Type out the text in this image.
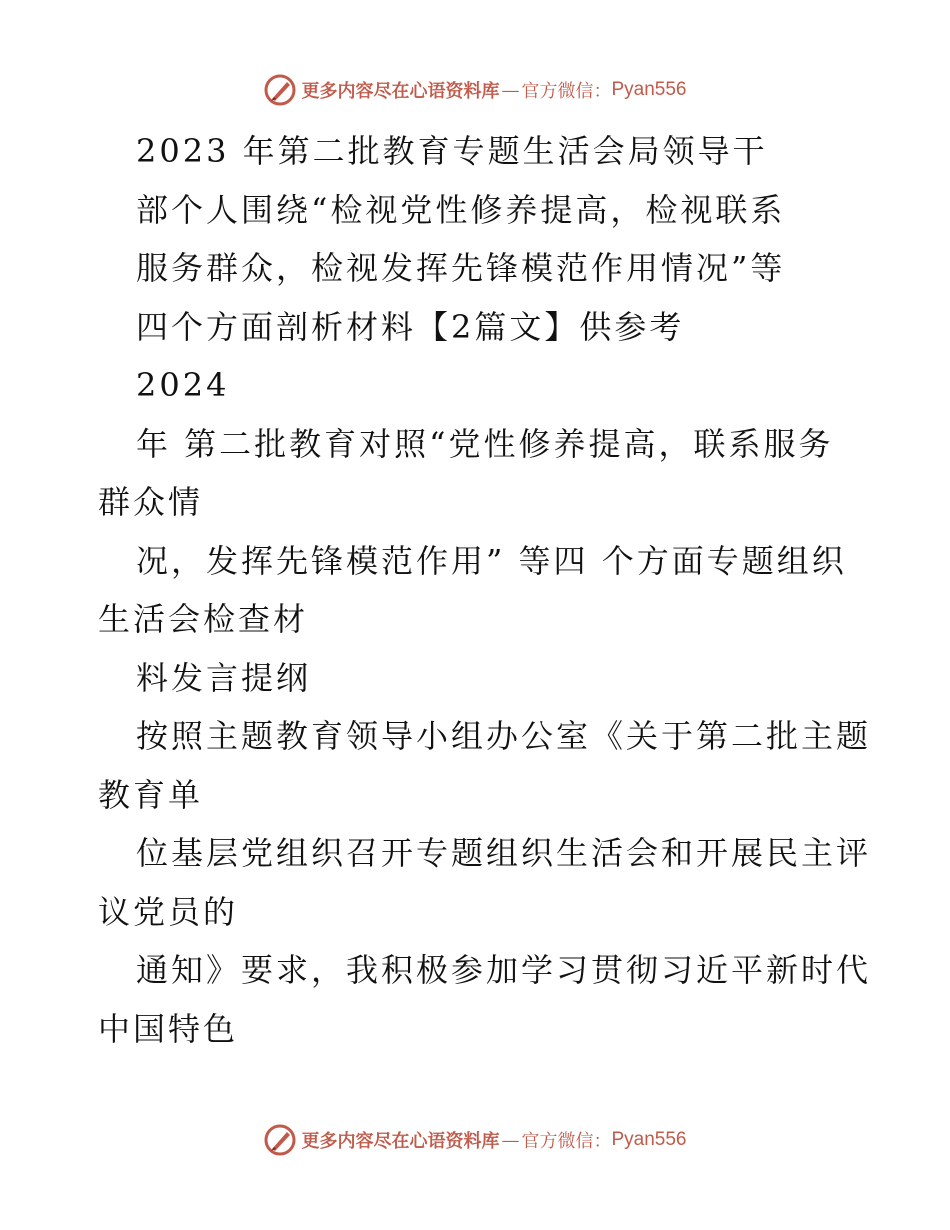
更多内容尽在心语资料库 — 官方微信： Pyan556
2023 年第二批教育专题生活会局领导干
部个人围绕“检视党性修养提高，检视联系
服务群众，检视发挥先锋模范作用情况”等
四个方面剖析材料【2篇文】供参考
2024
年 第二批教育对照“党性修养提高，联系服务
群众情
况，发挥先锋模范作用” 等四 个方面专题组织
生活会检查材
料发言提纲
按照主题教育领导小组办公室《关于第二批主题
教育单
位基层党组织召开专题组织生活会和开展民主评
议党员的
通知》要求，我积极参加学习贯彻习近平新时代
中国特色
更多内容尽在心语资料库 — 官方微信： Pyan556
